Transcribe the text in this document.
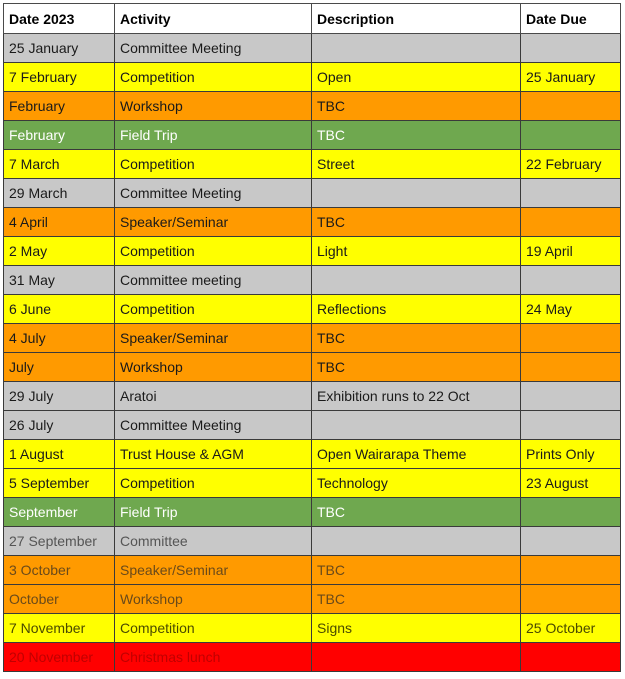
Date 2023	Activity	Description	Date Due
25 January	Committee Meeting		
7 February	Competition	Open	25 January
February	Workshop	TBC	
February	Field Trip	TBC	
7 March	Competition	Street	22 February
29 March	Committee Meeting		
4 April	Speaker/Seminar	TBC	
2 May	Competition	Light	19 April
31 May	Committee meeting		
6 June	Competition	Reflections	24 May
4 July	Speaker/Seminar	TBC	
July	Workshop	TBC	
29 July	Aratoi	Exhibition runs to 22 Oct	
26 July	Committee Meeting		
1 August	Trust House & AGM	Open Wairarapa Theme	Prints Only
5 September	Competition	Technology	23 August
September	Field Trip	TBC	
27 September	Committee		
3 October	Speaker/Seminar	TBC	
October	Workshop	TBC	
7 November	Competition	Signs	25 October
20 November	Christmas lunch		
